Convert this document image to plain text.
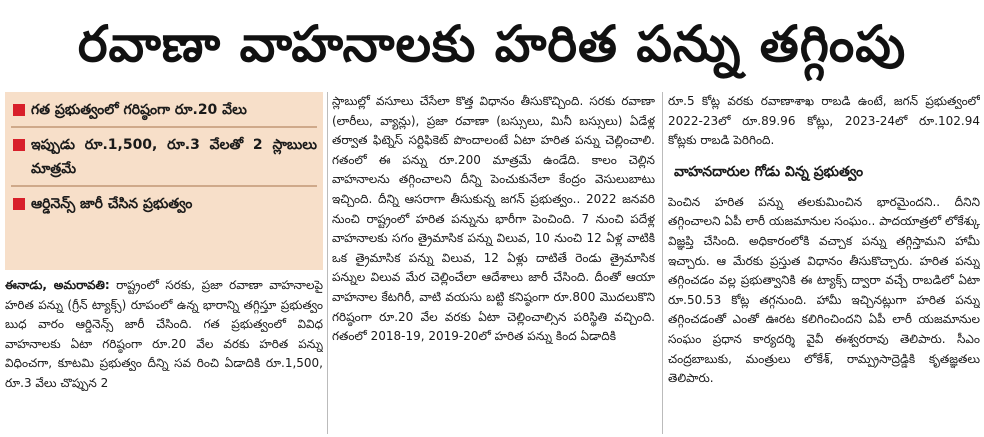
రవాణా వాహనాలకు హరిత పన్ను తగ్గింపు
గత ప్రభుత్వంలో గరిష్ఠంగా రూ.20 వేలు
ఇప్పుడు రూ.1,500, రూ.3 వేలతో 2 స్లాబులు మాత్రమే
ఆర్డినెన్స్ జారీ చేసిన ప్రభుత్వం

ఈనాడు, అమరావతి: రాష్ట్రంలో సరకు, ప్రజా రవాణా వాహనాలపై హరిత పన్ను (గ్రీన్ ట్యాక్స్) రూపంలో ఉన్న భారాన్ని తగ్గిస్తూ ప్రభుత్వం బుధ వారం ఆర్డినెన్స్ జారీ చేసింది. గత ప్రభుత్వంలో వివిధ వాహనాలకు ఏటా గరిష్ఠంగా రూ.20 వేల వరకు హరిత పన్ను విధించగా, కూటమి ప్రభుత్వం దీన్ని సవ రించి ఏడాదికి రూ.1,500, రూ.3 వేలు చొప్పున 2

స్లాబుల్లో వసూలు చేసేలా కొత్త విధానం తీసుకొచ్చింది. సరకు రవాణా (లారీలు, వ్యాన్లు), ప్రజా రవాణా (బస్సులు, మినీ బస్సులు) ఏడేళ్ల తర్వాత ఫిట్నెస్ సర్టిఫికెట్ పొందాలంటే ఏటా హరిత పన్ను చెల్లించాలి. గతంలో ఈ పన్ను రూ.200 మాత్రమే ఉండేది. కాలం చెల్లిన వాహనాలను తగ్గించాలని దీన్ని పెంచుకునేలా కేంద్రం వెసులుబాటు ఇచ్చింది. దీన్ని ఆసరాగా తీసుకున్న జగన్ ప్రభుత్వం.. 2022 జనవరి నుంచి రాష్ట్రంలో హరిత పన్నును భారీగా పెంచింది. 7 నుంచి పదేళ్ల వాహనాలకు సగం త్రైమాసిక పన్ను విలువ, 10 నుంచి 12 ఏళ్ల వాటికి ఒక త్రైమాసిక పన్ను విలువ, 12 ఏళ్లు దాటితే రెండు త్రైమాసిక పన్నుల విలువ మేర చెల్లించేలా ఆదేశాలు జారీ చేసింది. దీంతో ఆయా వాహనాల కేటగిరీ, వాటి వయసు బట్టి కనిష్ఠంగా రూ.800 మొదలుకొని గరిష్ఠంగా రూ.20 వేల వరకు ఏటా చెల్లించాల్సిన పరిస్థితి వచ్చింది. గతంలో 2018-19, 2019-20లో హరిత పన్ను కింద ఏడాదికి

రూ.5 కోట్ల వరకు రవాణాశాఖ రాబడి ఉంటే, జగన్ ప్రభుత్వంలో 2022-23లో రూ.89.96 కోట్లు, 2023-24లో రూ.102.94 కోట్లకు రాబడి పెరిగింది.

వాహనదారుల గోడు విన్న ప్రభుత్వం

పెంచిన హరిత పన్ను తలకుమించిన భారమైందని.. దీనిని తగ్గించాలని ఏపీ లారీ యజమానుల సంఘం.. పాదయాత్రలో లోకేశ్కు విజ్ఞప్తి చేసింది. అధికారంలోకి వచ్చాక పన్ను తగ్గిస్తామని హామీ ఇచ్చారు. ఆ మేరకు ప్రస్తుత విధానం తీసుకొచ్చారు. హరిత పన్ను తగ్గించడం వల్ల ప్రభుత్వానికి ఈ ట్యాక్స్ ద్వారా వచ్చే రాబడిలో ఏటా రూ.50.53 కోట్ల తగ్గనుంది. హామీ ఇచ్చినట్లుగా హరిత పన్ను తగ్గించడంతో ఎంతో ఊరట కలిగించిందని ఏపీ లారీ యజమానుల సంఘం ప్రధాన కార్యదర్శి వైవీ ఈశ్వరరావు తెలిపారు. సీఎం చంద్రబాబుకు, మంత్రులు లోకేశ్, రామ్ప్రసాద్రెడ్డికి కృతజ్ఞతలు తెలిపారు.
